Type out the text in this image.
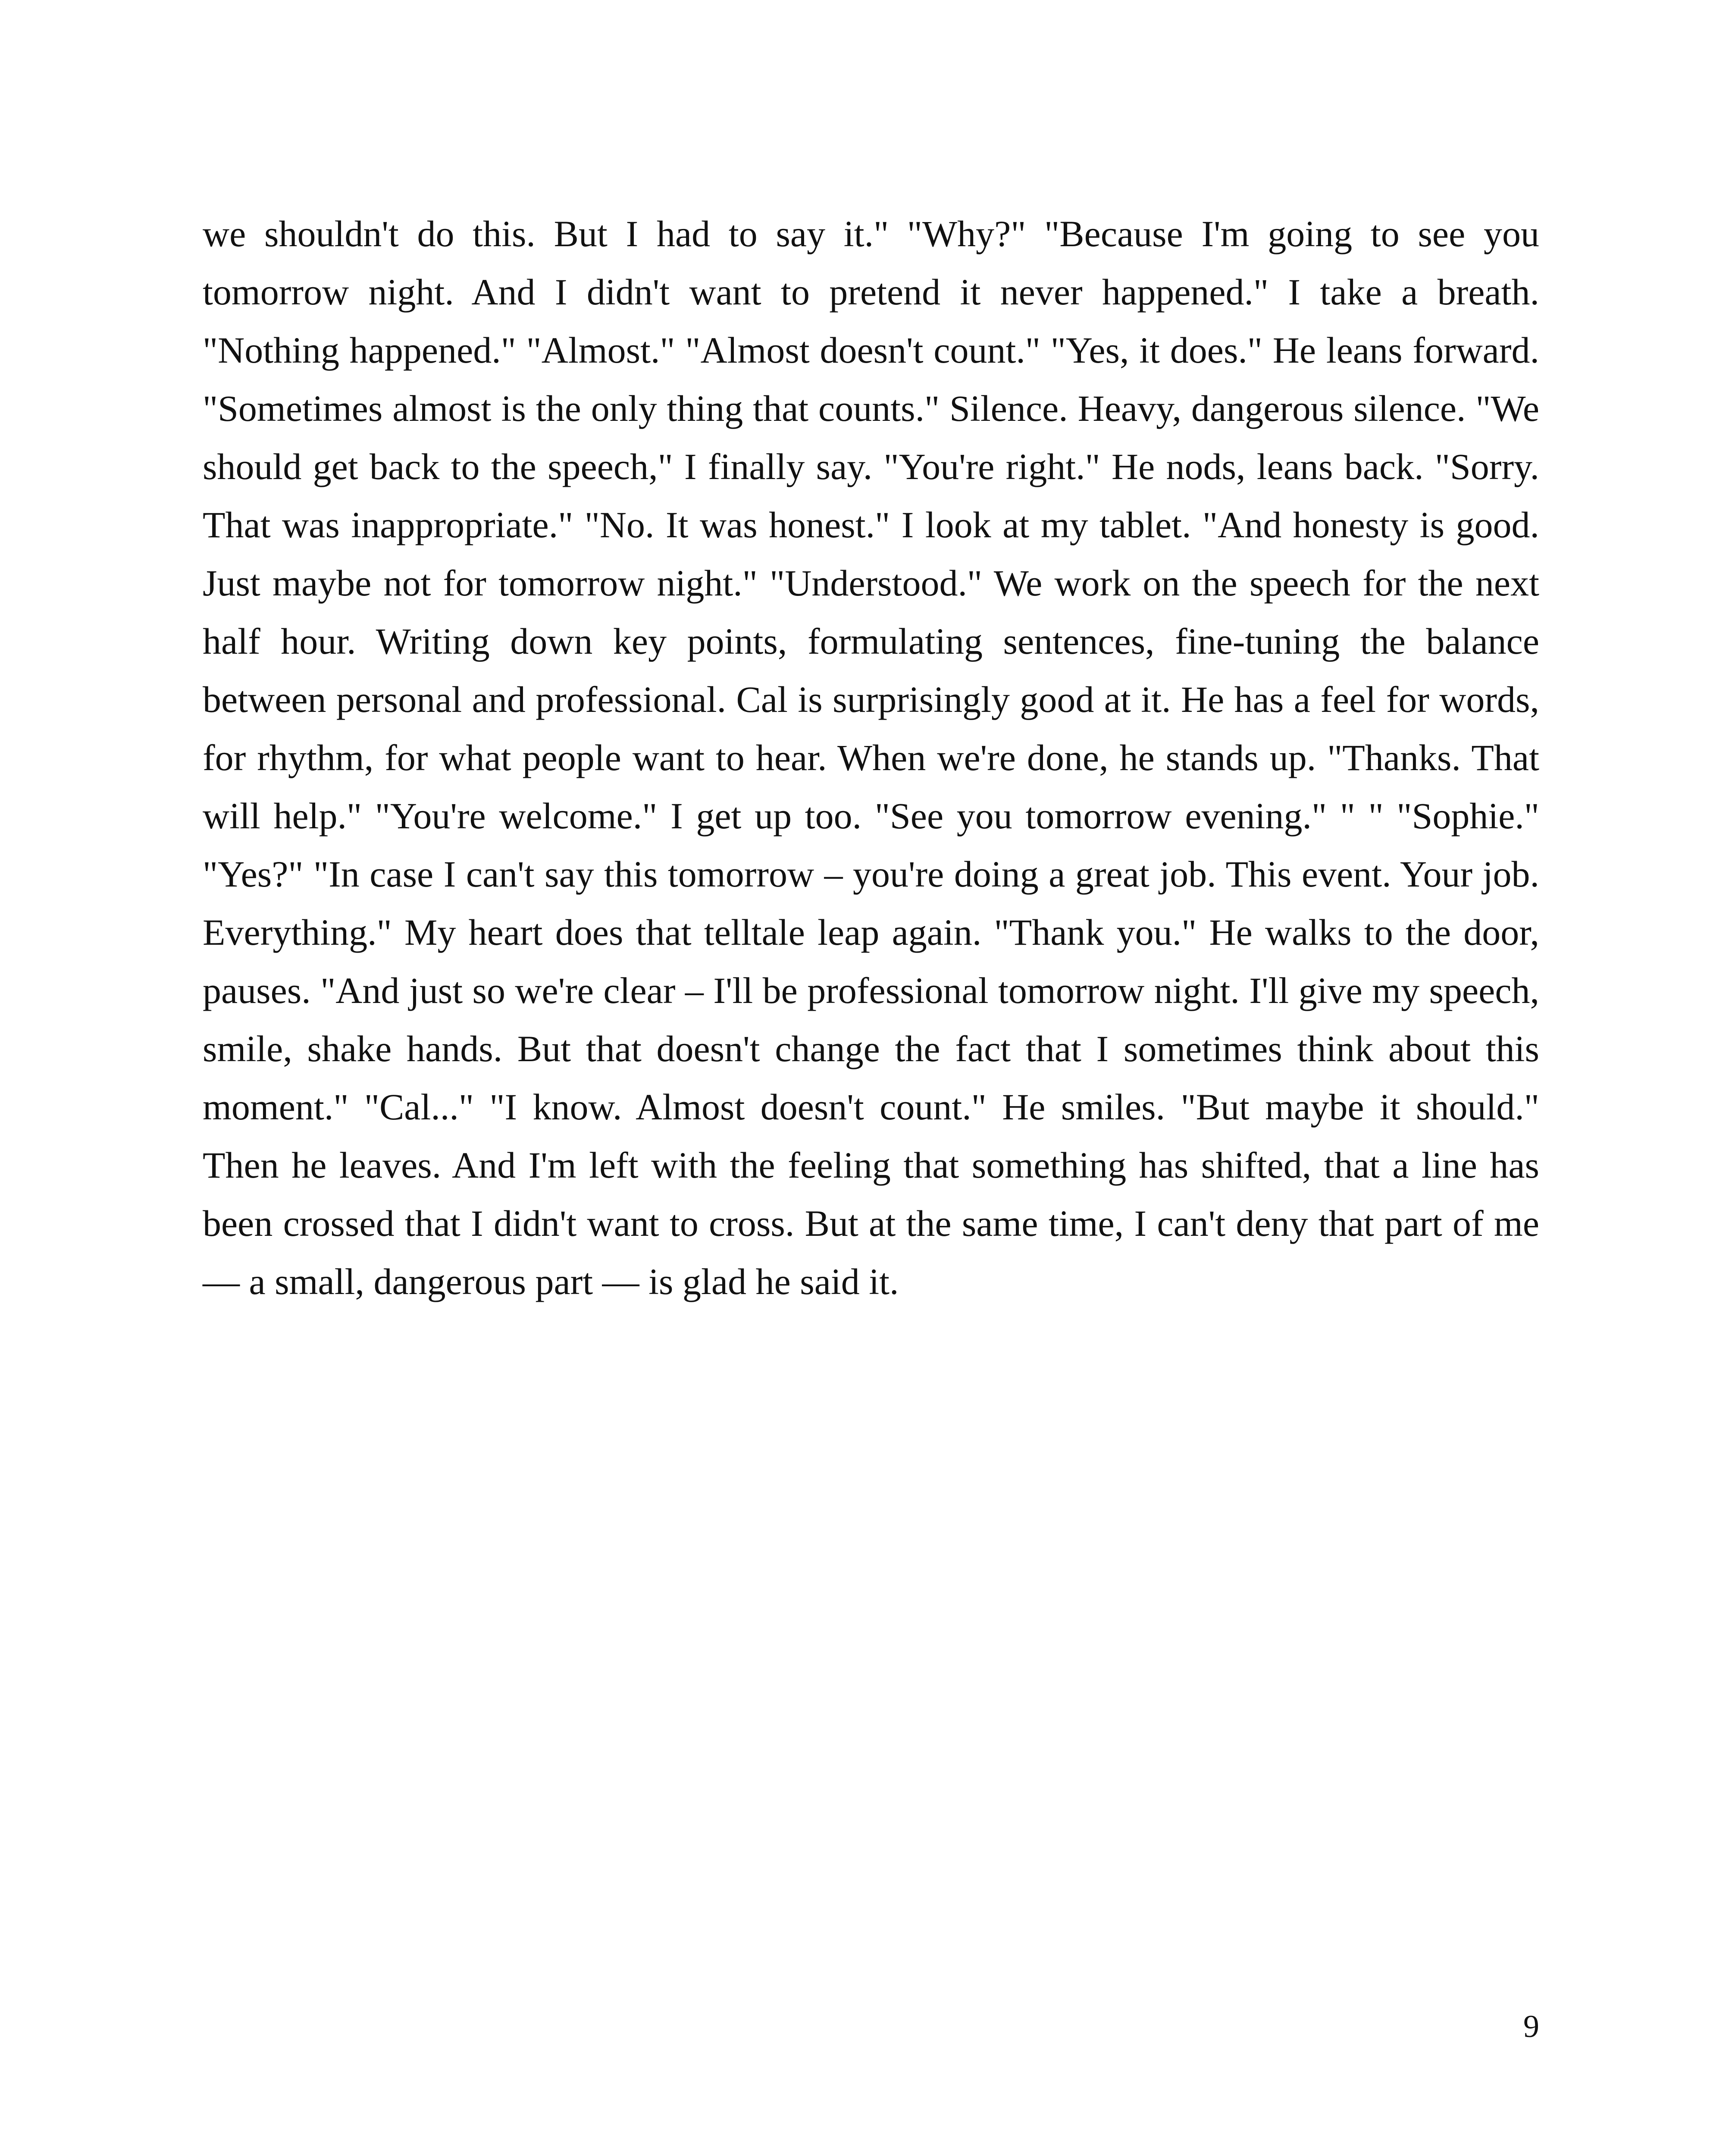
we shouldn't do this. But I had to say it." "Why?" "Because I'm going to see you tomorrow night. And I didn't want to pretend it never happened." I take a breath. "Nothing happened." "Almost." "Almost doesn't count." "Yes, it does." He leans forward. "Sometimes almost is the only thing that counts." Silence. Heavy, dangerous silence. "We should get back to the speech," I finally say. "You're right." He nods, leans back. "Sorry. That was inappropriate." "No. It was honest." I look at my tablet. "And honesty is good. Just maybe not for tomorrow night." "Understood." We work on the speech for the next half hour. Writing down key points, formulating sentences, fine-tuning the balance between personal and professional. Cal is surprisingly good at it. He has a feel for words, for rhythm, for what people want to hear. When we're done, he stands up. "Thanks. That will help." "You're welcome." I get up too. "See you tomorrow evening." " " "Sophie." "Yes?" "In case I can't say this tomorrow – you're doing a great job. This event. Your job. Everything." My heart does that telltale leap again. "Thank you." He walks to the door, pauses. "And just so we're clear – I'll be professional tomorrow night. I'll give my speech, smile, shake hands. But that doesn't change the fact that I sometimes think about this moment." "Cal..." "I know. Almost doesn't count." He smiles. "But maybe it should." Then he leaves. And I'm left with the feeling that something has shifted, that a line has been crossed that I didn't want to cross. But at the same time, I can't deny that part of me — a small, dangerous part — is glad he said it.

9
